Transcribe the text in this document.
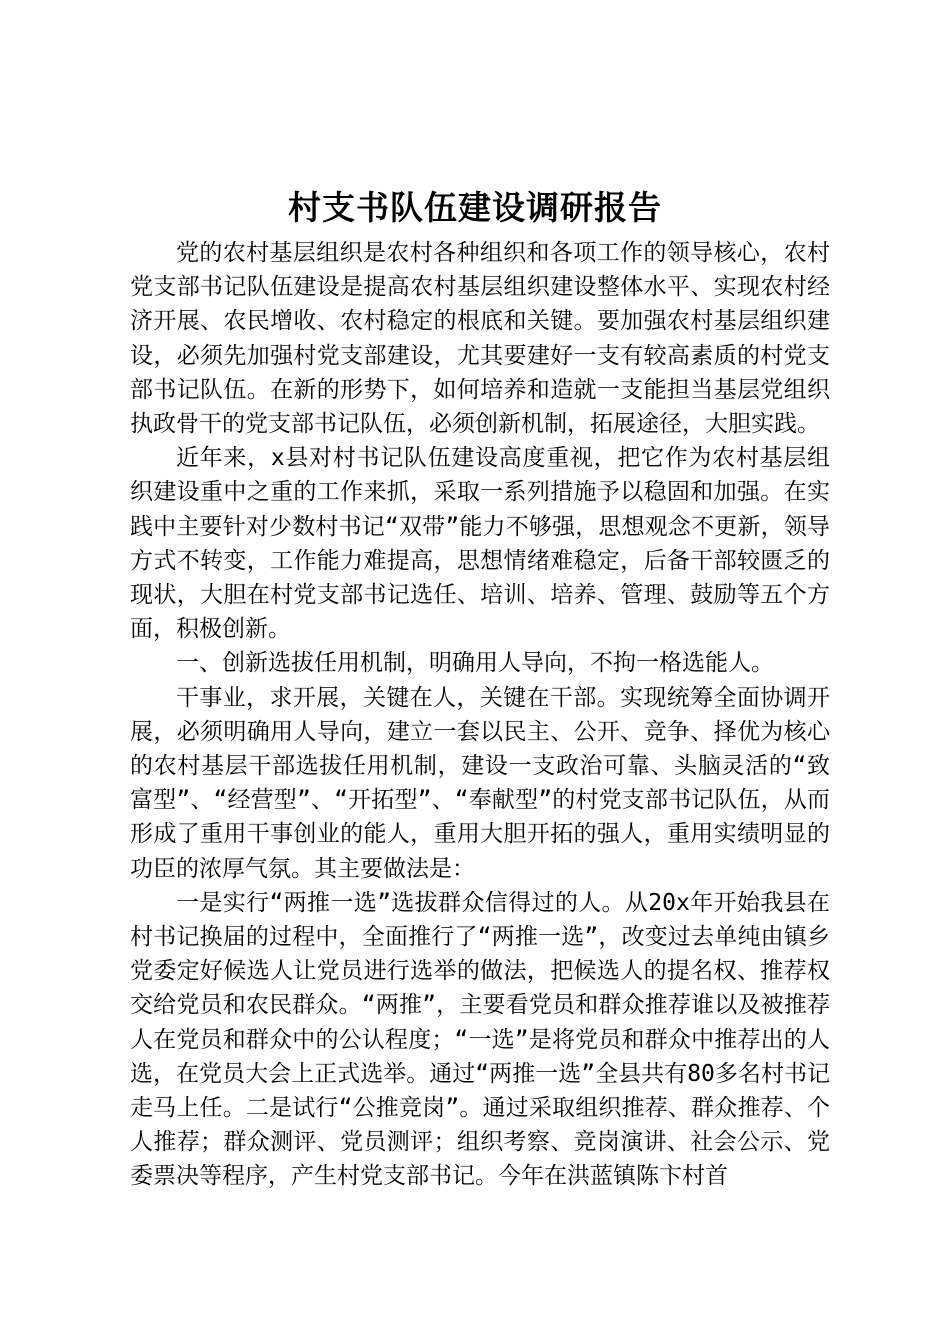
村支书队伍建设调研报告

党的农村基层组织是农村各种组织和各项工作的领导核心，农村党支部书记队伍建设是提高农村基层组织建设整体水平、实现农村经济开展、农民增收、农村稳定的根底和关键。要加强农村基层组织建设，必须先加强村党支部建设，尤其要建好一支有较高素质的村党支部书记队伍。在新的形势下，如何培养和造就一支能担当基层党组织执政骨干的党支部书记队伍，必须创新机制，拓展途径，大胆实践。

近年来，x县对村书记队伍建设高度重视，把它作为农村基层组织建设重中之重的工作来抓，采取一系列措施予以稳固和加强。在实践中主要针对少数村书记“双带”能力不够强，思想观念不更新，领导方式不转变，工作能力难提高，思想情绪难稳定，后备干部较匮乏的现状，大胆在村党支部书记选任、培训、培养、管理、鼓励等五个方面，积极创新。

一、创新选拔任用机制，明确用人导向，不拘一格选能人。

干事业，求开展，关键在人，关键在干部。实现统筹全面协调开展，必须明确用人导向，建立一套以民主、公开、竞争、择优为核心的农村基层干部选拔任用机制，建设一支政治可靠、头脑灵活的“致富型”、“经营型”、“开拓型”、“奉献型”的村党支部书记队伍，从而形成了重用干事创业的能人，重用大胆开拓的强人，重用实绩明显的功臣的浓厚气氛。其主要做法是：

一是实行“两推一选”选拔群众信得过的人。从20x年开始我县在村书记换届的过程中，全面推行了“两推一选”，改变过去单纯由镇乡党委定好候选人让党员进行选举的做法，把候选人的提名权、推荐权交给党员和农民群众。“两推”，主要看党员和群众推荐谁以及被推荐人在党员和群众中的公认程度；“一选”是将党员和群众中推荐出的人选，在党员大会上正式选举。通过“两推一选”全县共有80多名村书记走马上任。二是试行“公推竞岗”。通过采取组织推荐、群众推荐、个人推荐；群众测评、党员测评；组织考察、竞岗演讲、社会公示、党委票决等程序，产生村党支部书记。今年在洪蓝镇陈卞村首
